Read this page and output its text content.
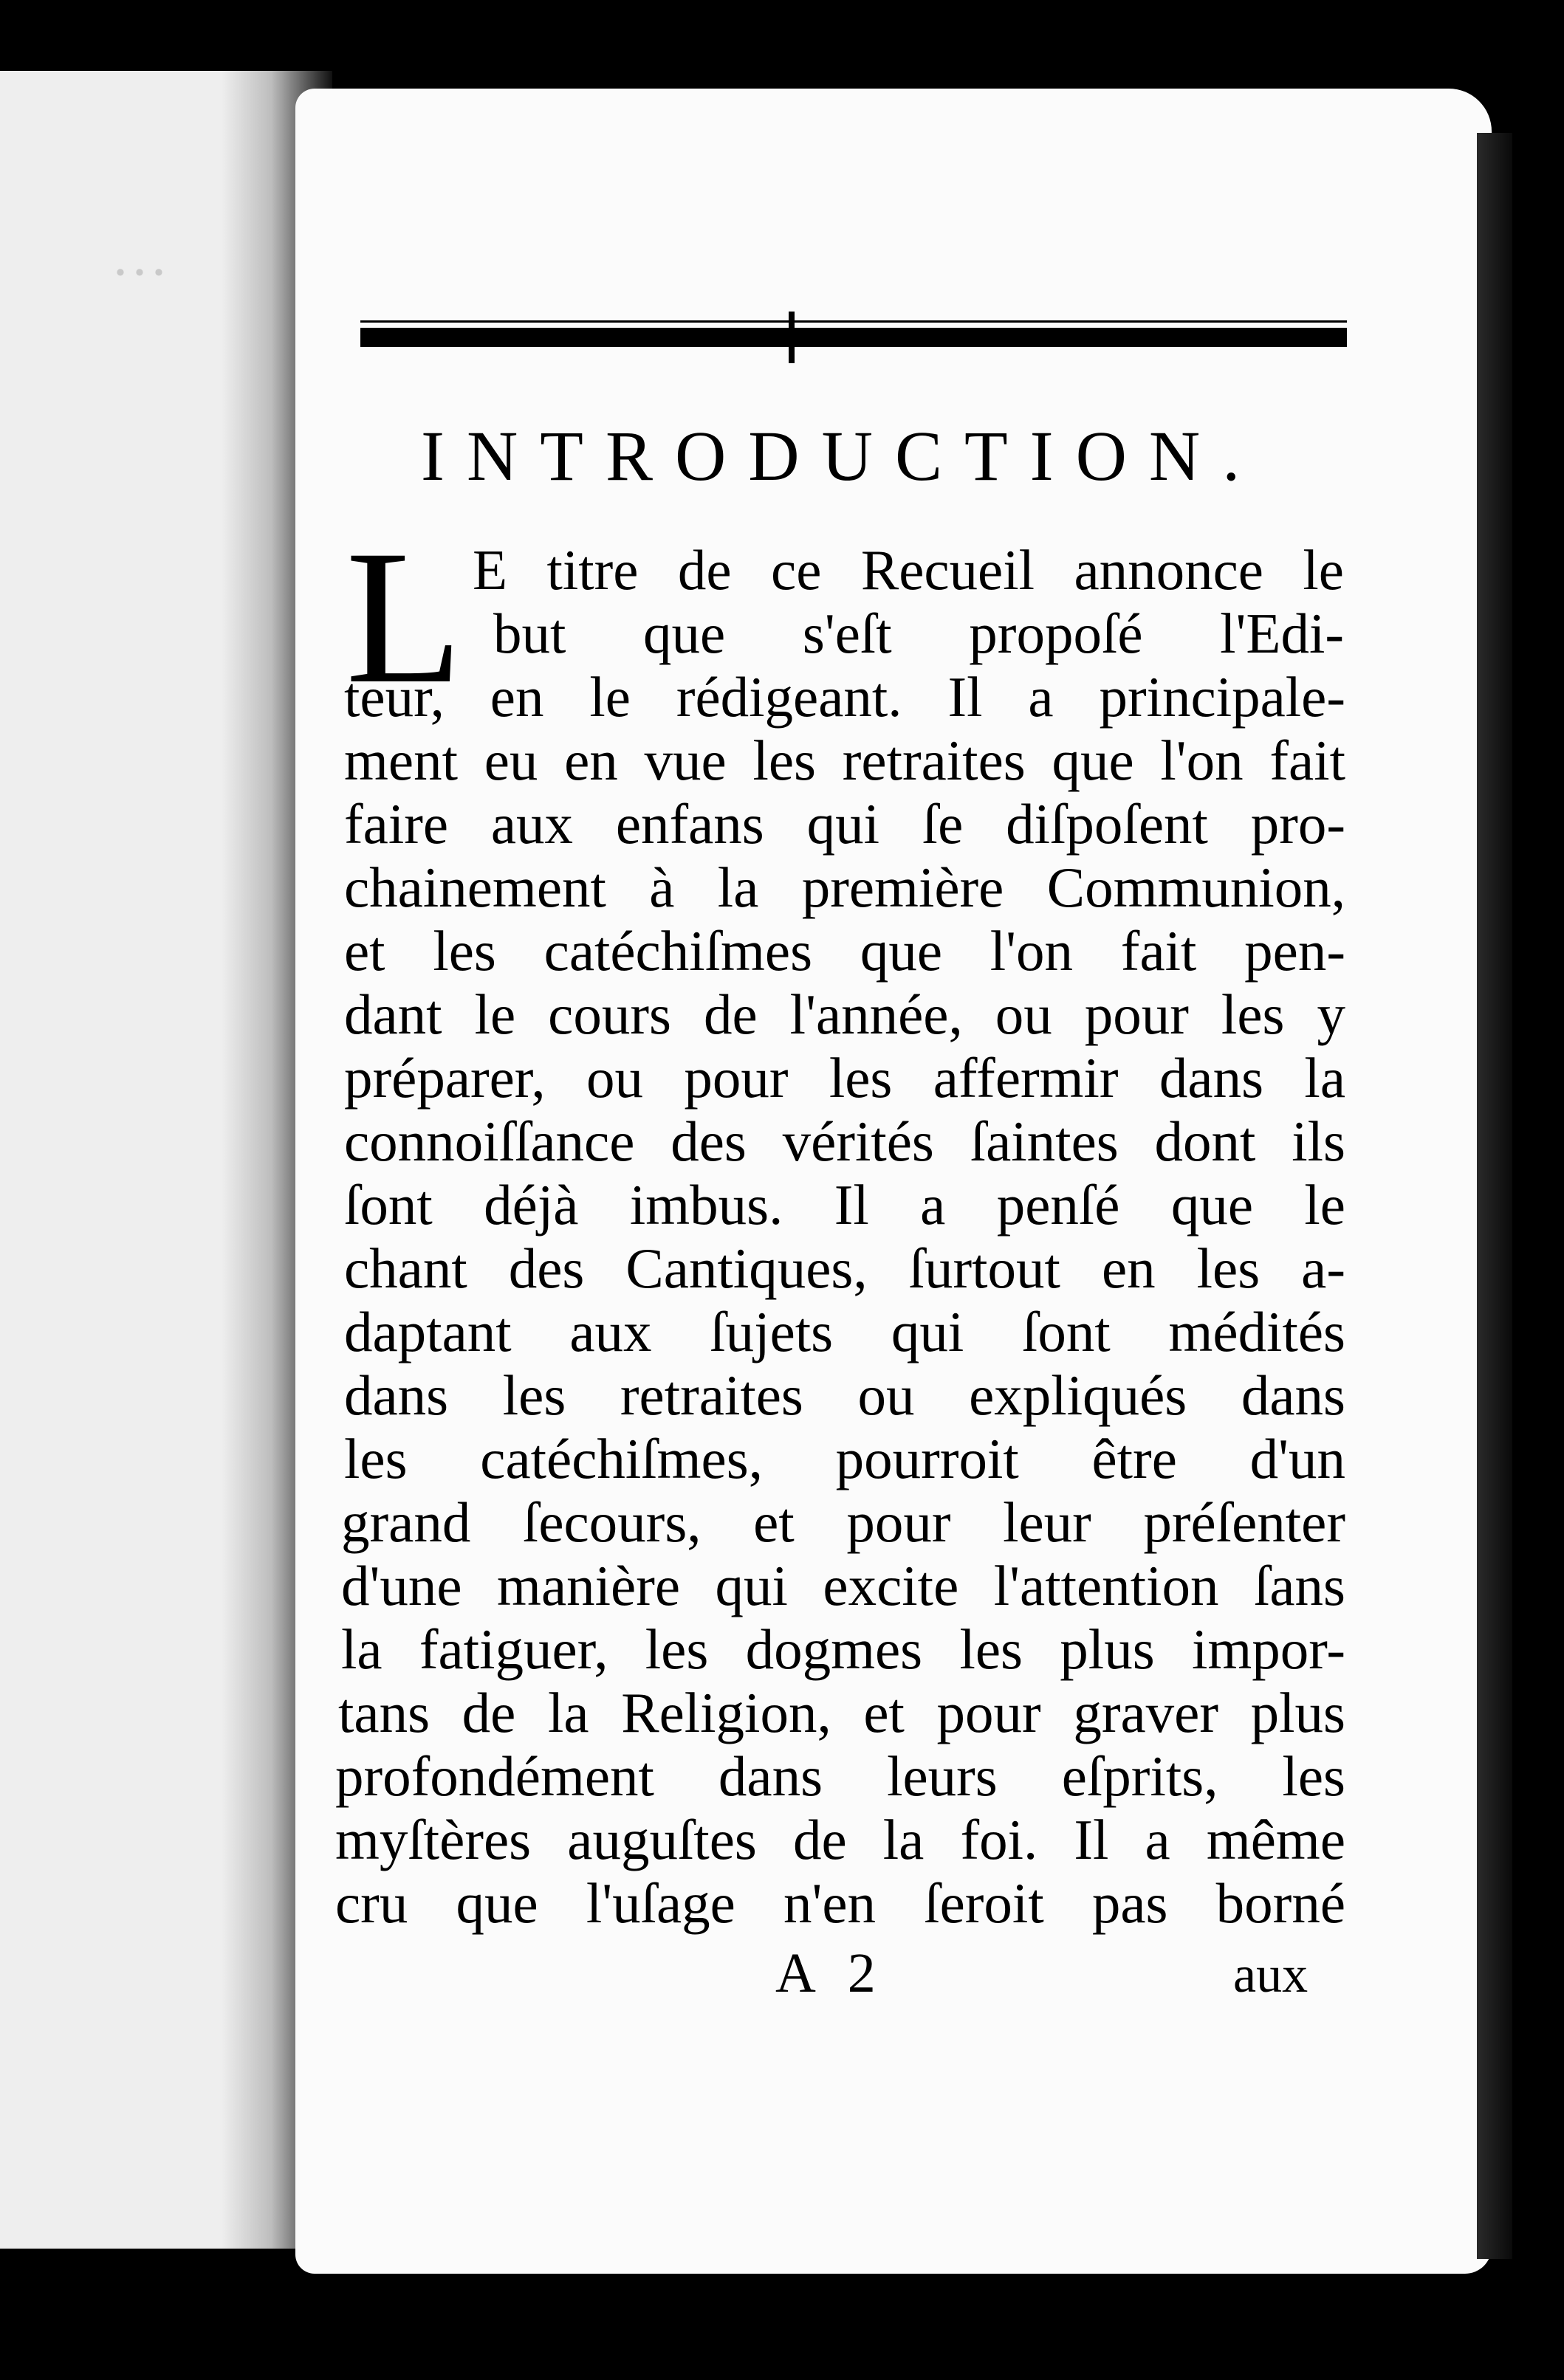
···
INTRODUCTION.
L E titre de ce Recueil annonce le
but que s'eſt propoſé l'Edi-
teur, en le rédigeant. Il a principale-
ment eu en vue les retraites que l'on fait
faire aux enfans qui ſe diſpoſent pro-
chainement à la première Communion,
et les catéchiſmes que l'on fait pen-
dant le cours de l'année, ou pour les y
préparer, ou pour les affermir dans la
connoiſſance des vérités ſaintes dont ils
ſont déjà imbus. Il a penſé que le
chant des Cantiques, ſurtout en les a-
daptant aux ſujets qui ſont médités
dans les retraites ou expliqués dans
les catéchiſmes, pourroit être d'un
grand ſecours, et pour leur préſenter
d'une manière qui excite l'attention ſans
la fatiguer, les dogmes les plus impor-
tans de la Religion, et pour graver plus
profondément dans leurs eſprits, les
myſtères auguſtes de la foi. Il a même
cru que l'uſage n'en ſeroit pas borné
A 2	aux
